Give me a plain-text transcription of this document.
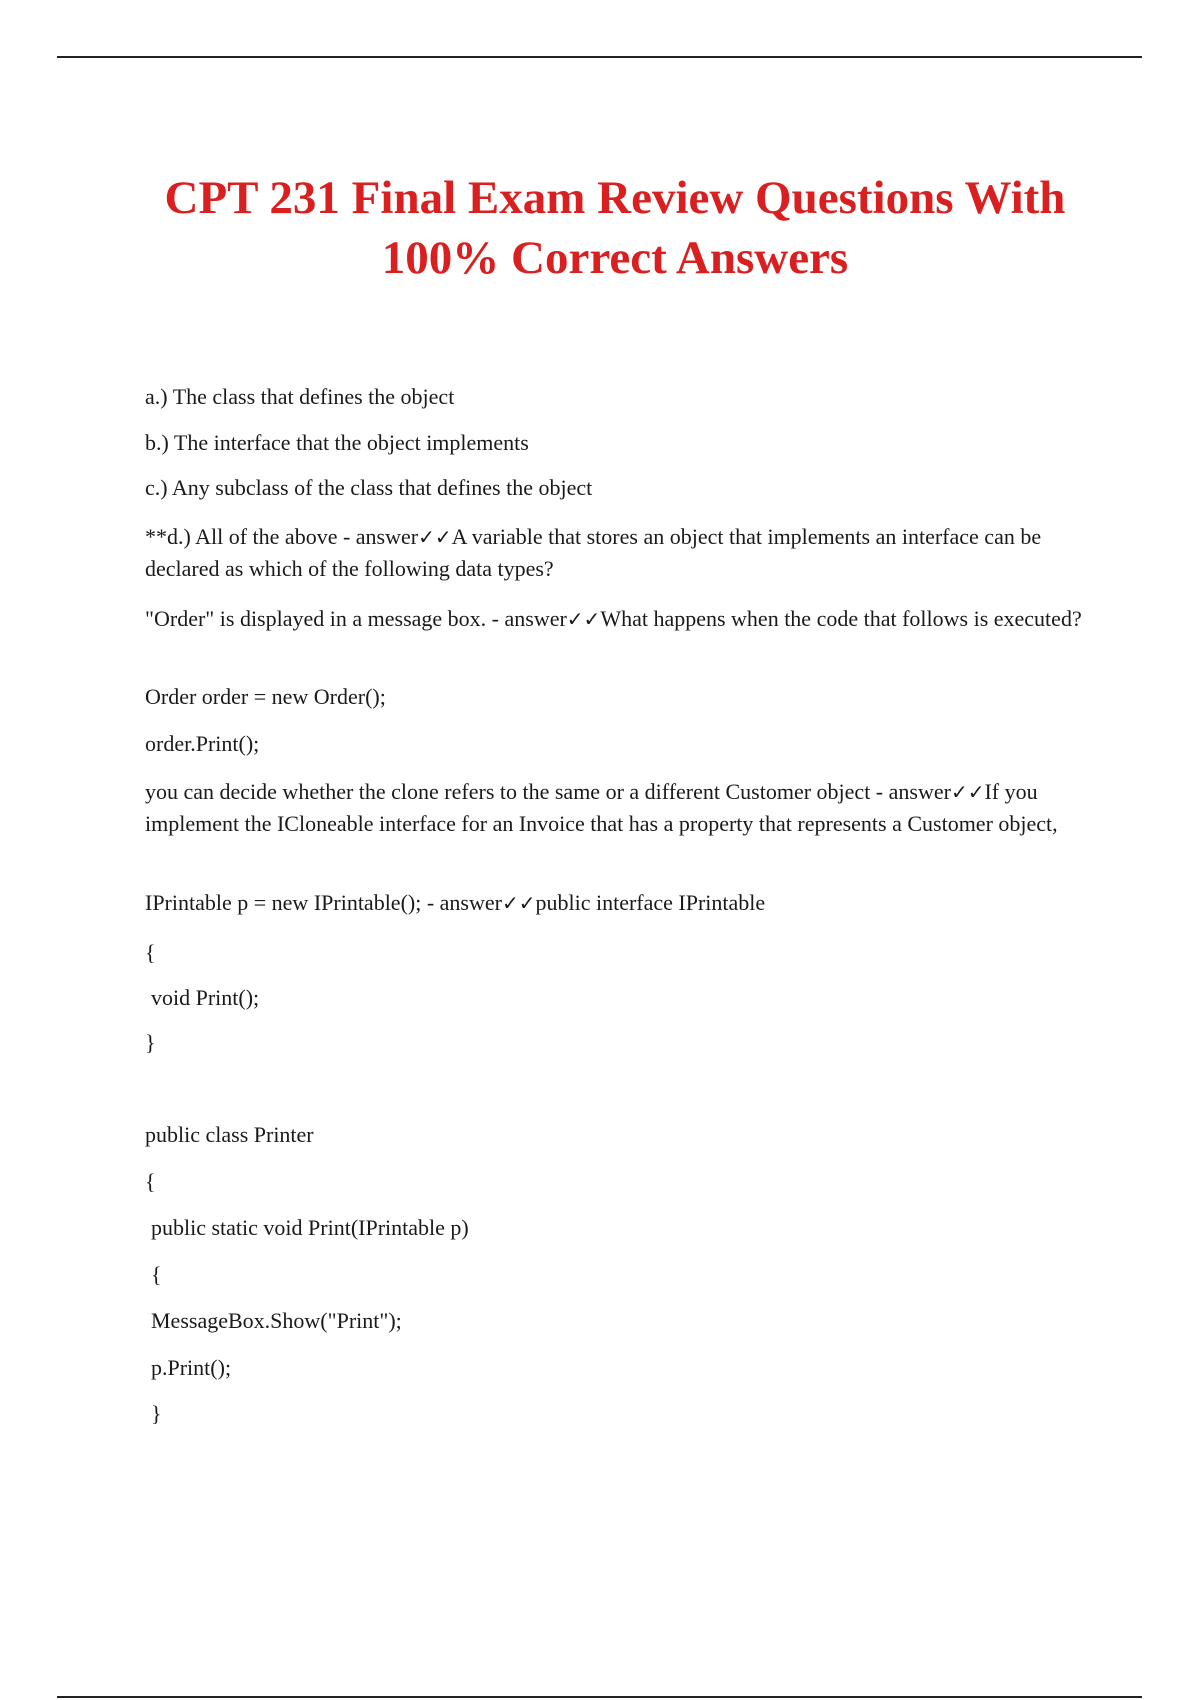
CPT 231 Final Exam Review Questions With
100% Correct Answers

a.) The class that defines the object

b.) The interface that the object implements

c.) Any subclass of the class that defines the object

**d.) All of the above - answer✓✓A variable that stores an object that implements an interface can be declared as which of the following data types?

"Order" is displayed in a message box. - answer✓✓What happens when the code that follows is executed?

Order order = new Order();

order.Print();

you can decide whether the clone refers to the same or a different Customer object - answer✓✓If you implement the ICloneable interface for an Invoice that has a property that represents a Customer object,

IPrintable p = new IPrintable(); - answer✓✓public interface IPrintable

{

void Print();

}

public class Printer

{

public static void Print(IPrintable p)

{

MessageBox.Show("Print");

p.Print();

}
